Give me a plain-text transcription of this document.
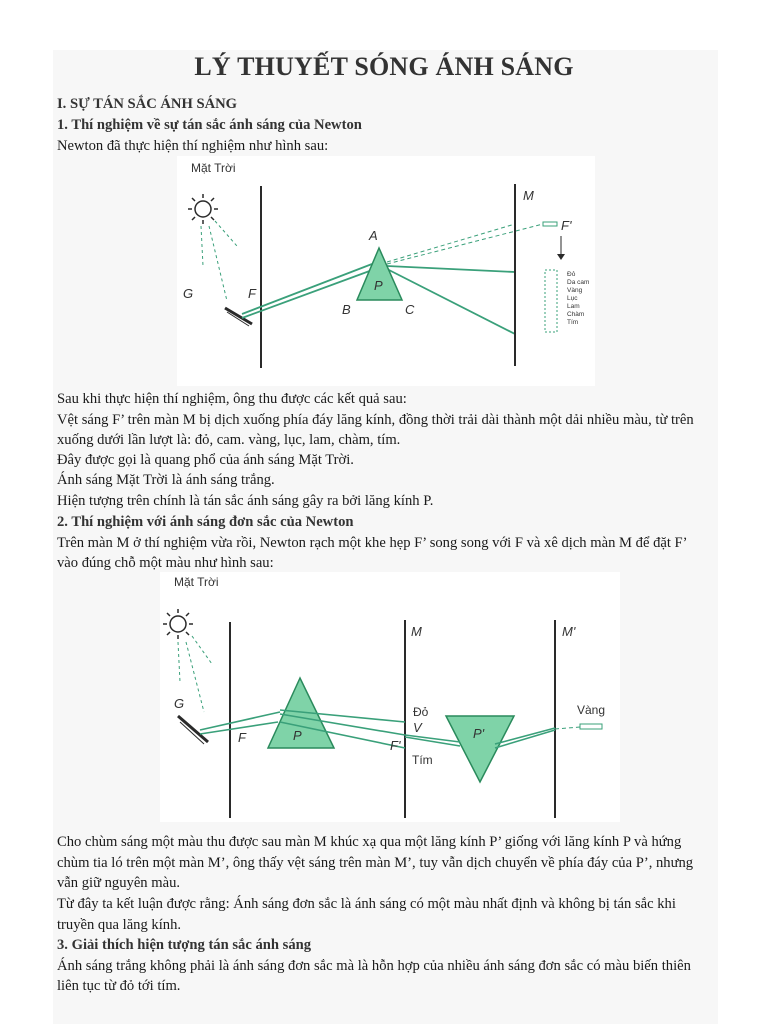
LÝ THUYẾT SÓNG ÁNH SÁNG
I. SỰ TÁN SẮC ÁNH SÁNG
1. Thí nghiệm về sự tán sắc ánh sáng của Newton
Newton đã thực hiện thí nghiệm như hình sau:
Mặt Trời
G	F
A
P
B	C
M
F'
Đỏ
Da cam
Vàng
Lục
Lam
Chàm
Tím
Sau khi thực hiện thí nghiệm, ông thu được các kết quả sau:
Vệt sáng F’ trên màn M bị dịch xuống phía đáy lăng kính, đồng thời trải dài thành một dải nhiều màu, từ trên
xuống dưới lần lượt là: đỏ, cam. vàng, lục, lam, chàm, tím.
Đây được gọi là quang phổ của ánh sáng Mặt Trời.
Ánh sáng Mặt Trời là ánh sáng trắng.
Hiện tượng trên chính là tán sắc ánh sáng gây ra bởi lăng kính P.
2. Thí nghiệm với ánh sáng đơn sắc của Newton
Trên màn M ở thí nghiệm vừa rồi, Newton rạch một khe hẹp F’ song song với F và xê dịch màn M để đặt F’
vào đúng chỗ một màu như hình sau:
Mặt Trời
G
F	P
M	M'
Đỏ
V
F'
Tím
P'
Vàng
Cho chùm sáng một màu thu được sau màn M khúc xạ qua một lăng kính P’ giống với lăng kính P và hứng
chùm tia ló trên một màn M’, ông thấy vệt sáng trên màn M’, tuy vẫn dịch chuyển về phía đáy của P’, nhưng
vẫn giữ nguyên màu.
Từ đây ta kết luận được rằng: Ánh sáng đơn sắc là ánh sáng có một màu nhất định và không bị tán sắc khi
truyền qua lăng kính.
3. Giải thích hiện tượng tán sắc ánh sáng
Ánh sáng trắng không phải là ánh sáng đơn sắc mà là hỗn hợp của nhiều ánh sáng đơn sắc có màu biến thiên
liên tục từ đỏ tới tím.
